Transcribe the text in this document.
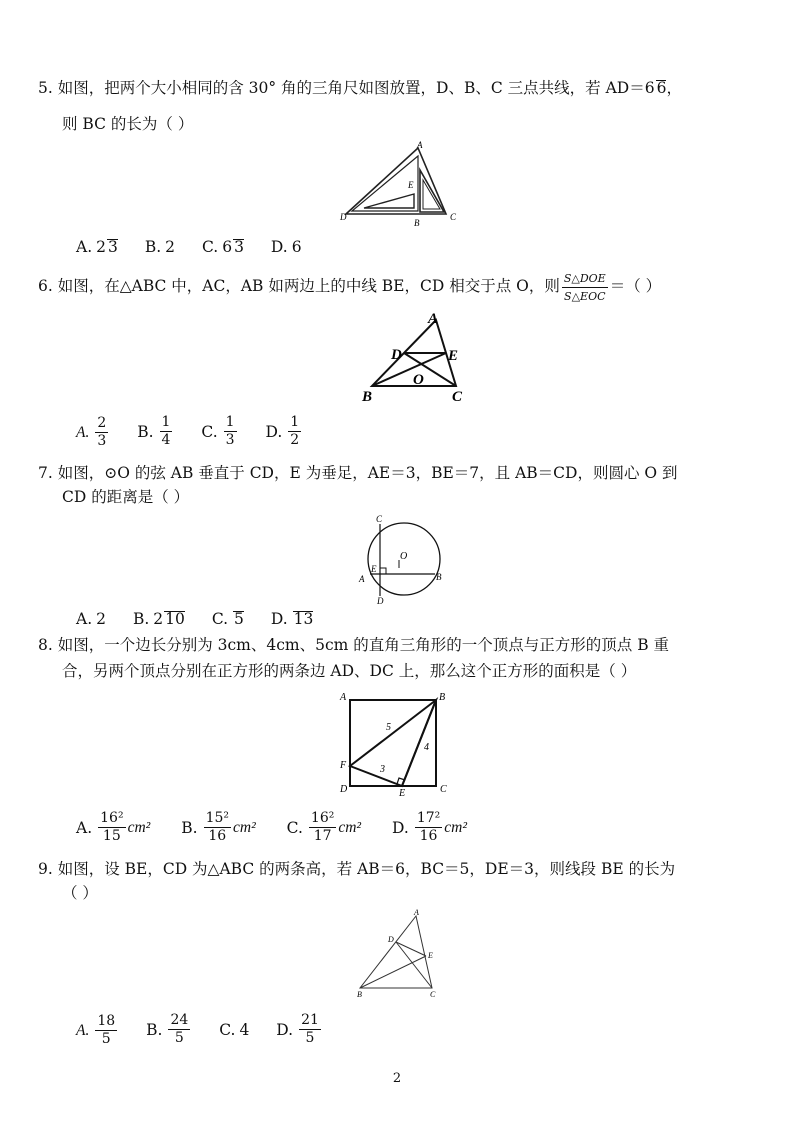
5. 如图，把两个大小相同的含 30° 角的三角尺如图放置，D、B、C 三点共线，若 AD＝6 6，
则 BC 的长为（ ）
A
E
D
B
C
A. 2 3
B. 2
C. 6 3
D. 6
6. 如图，在△ABC 中，AC，AB 如两边上的中线 BE，CD 相交于点 O，则 $\frac{\text{S△DOE}}{\text{S△EOC}}$ ＝（ ）
A
D	E
O
B	C
A. $\frac{2}{3}$
B. $\frac{1}{4}$
C. $\frac{1}{3}$
D. $\frac{1}{2}$
7. 如图，⊙O 的弦 AB 垂直于 CD，E 为垂足，AE＝3，BE＝7，且 AB＝CD，则圆心 O 到
CD 的距离是（ ）
C
O
E
A	B
D
A. 2
B. 2 10
C. 5
D. 13
8. 如图，一个边长分别为 3cm、4cm、5cm 的直角三角形的一个顶点与正方形的顶点 B 重
合，另两个顶点分别在正方形的两条边 AD、DC 上，那么这个正方形的面积是（ ）
A	B
F
D	E	C
5
4
3
A. $\frac{\text{16²}}{15} cm^2$
B. $\frac{\text{15²}}{16} cm^2$
C. $\frac{\text{16²}}{17} cm^2$
D. $\frac{\text{17²}}{16} cm^2$
9. 如图，设 BE，CD 为△ABC 的两条高，若 AB＝6，BC＝5，DE＝3，则线段 BE 的长为
（ ）
A
D
E
B	C
A. $\frac{18}{5}$
B. $\frac{24}{5}$
C. 4
D. $\frac{21}{5}$
2
